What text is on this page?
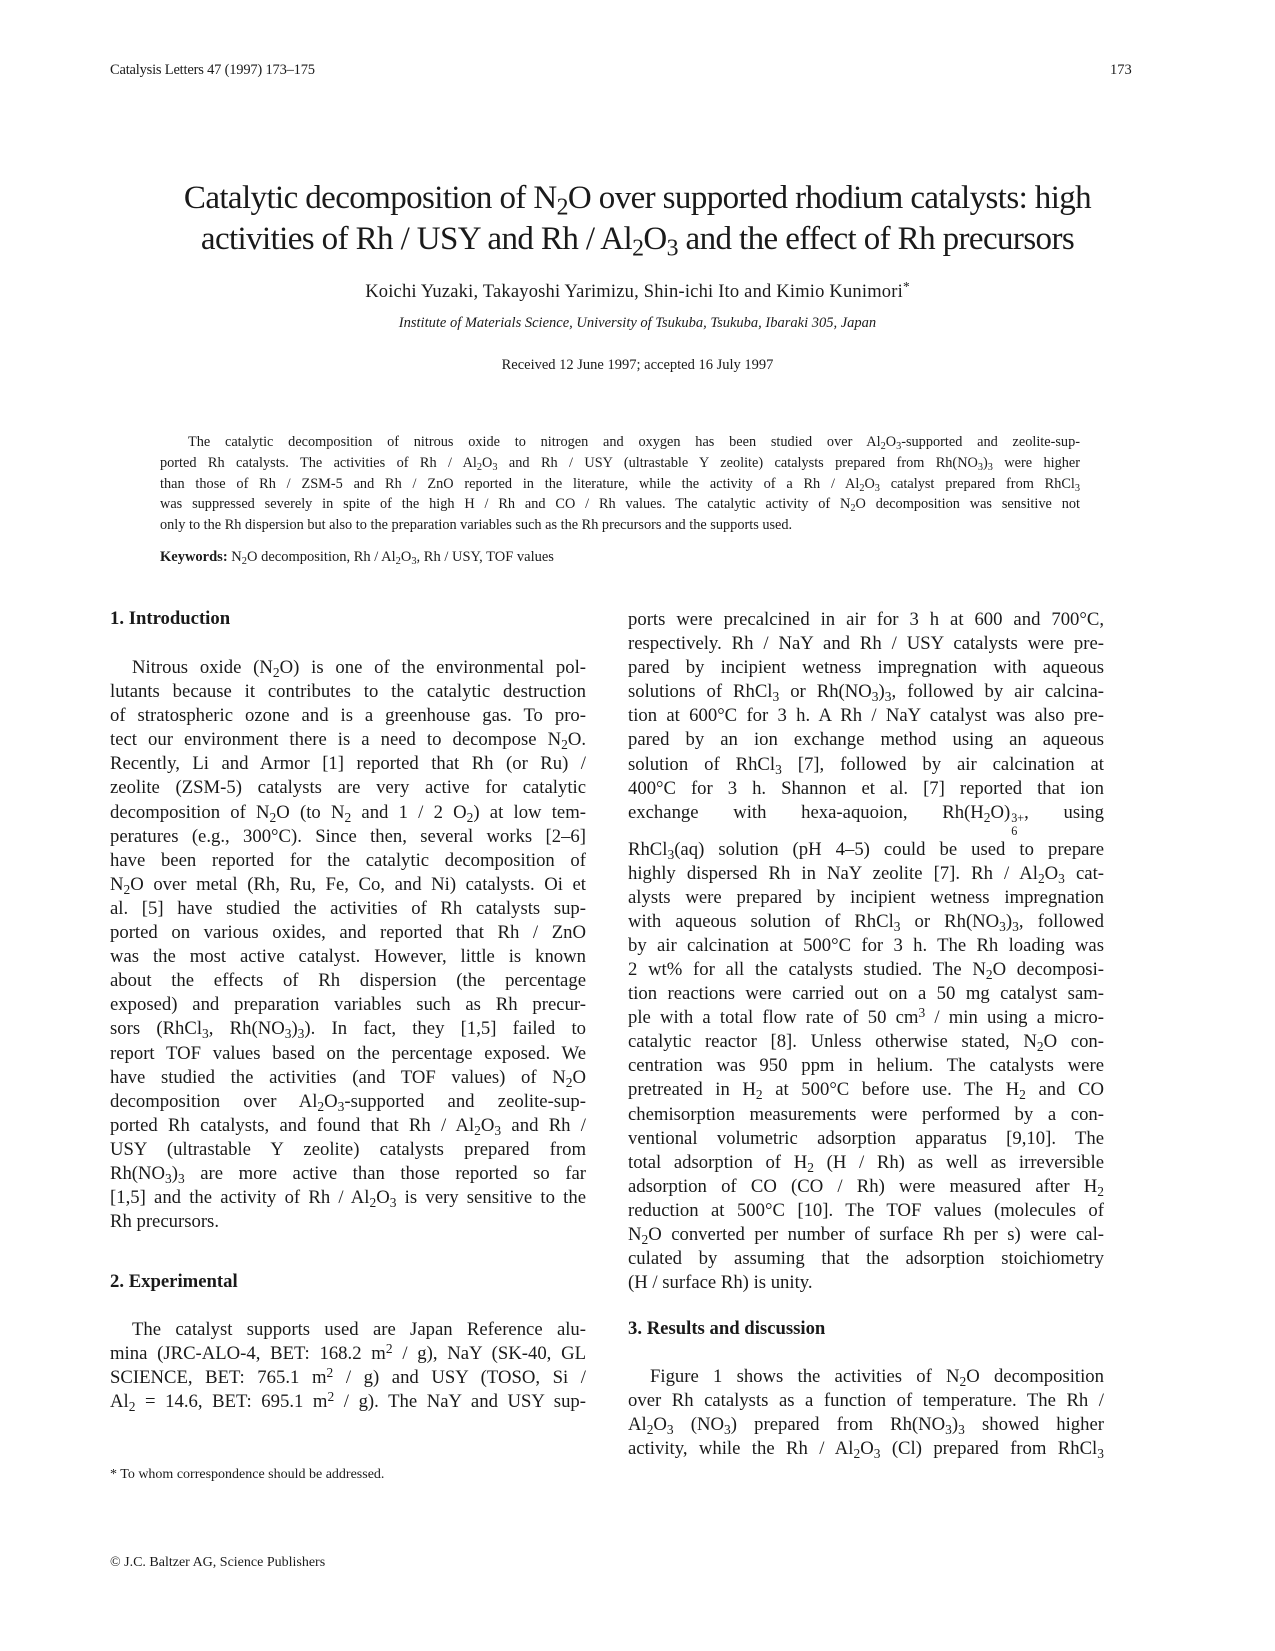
Catalysis Letters 47 (1997) 173–175	173
Catalytic decomposition of $N_2O$ over supported rhodium catalysts: high
activities of Rh / USY and Rh / $Al_2O_3$ and the effect of Rh precursors
Koichi Yuzaki, Takayoshi Yarimizu, Shin-ichi Ito and Kimio Kunimori*
Institute of Materials Science, University of Tsukuba, Tsukuba, Ibaraki 305, Japan
Received 12 June 1997; accepted 16 July 1997
The catalytic decomposition of nitrous oxide to nitrogen and oxygen has been studied over $Al_2O_3$-supported and zeolite-sup-
ported Rh catalysts. The activities of Rh / $Al_2O_3$ and Rh / USY (ultrastable Y zeolite) catalysts prepared from $Rh(NO_3)_3$ were higher
than those of Rh / ZSM-5 and Rh / ZnO reported in the literature, while the activity of a Rh / $Al_2O_3$ catalyst prepared from RhCl$_3$
was suppressed severely in spite of the high H / Rh and CO / Rh values. The catalytic activity of $N_2O$ decomposition was sensitive not
only to the Rh dispersion but also to the preparation variables such as the Rh precursors and the supports used.
Keywords: $N_2O$ decomposition, Rh / $Al_2O_3$, Rh / USY, TOF values
1. Introduction
Nitrous oxide $(N_2O)$ is one of the environmental pol-
lutants because it contributes to the catalytic destruction
of stratospheric ozone and is a greenhouse gas. To pro-
tect our environment there is a need to decompose $N_2O$.
Recently, Li and Armor [1] reported that Rh (or Ru) /
zeolite (ZSM-5) catalysts are very active for catalytic
decomposition of $N_2O$ (to $N_2$ and 1 / 2 $O_2$) at low tem-
peratures (e.g., 300°C). Since then, several works [2–6]
have been reported for the catalytic decomposition of
$N_2O$ over metal (Rh, Ru, Fe, Co, and Ni) catalysts. Oi et
al. [5] have studied the activities of Rh catalysts sup-
ported on various oxides, and reported that Rh / ZnO
was the most active catalyst. However, little is known
about the effects of Rh dispersion (the percentage
exposed) and preparation variables such as Rh precur-
sors (RhCl$_3$, $Rh(NO_3)_3$). In fact, they [1,5] failed to
report TOF values based on the percentage exposed. We
have studied the activities (and TOF values) of $N_2O$
decomposition over $Al_2O_3$-supported and zeolite-sup-
ported Rh catalysts, and found that Rh / $Al_2O_3$ and Rh /
USY (ultrastable Y zeolite) catalysts prepared from
$Rh(NO_3)_3$ are more active than those reported so far
[1,5] and the activity of Rh / $Al_2O_3$ is very sensitive to the
Rh precursors.
2. Experimental
The catalyst supports used are Japan Reference alu-
mina (JRC-ALO-4, BET: 168.2 $m^2 / g$), NaY (SK-40, GL
SCIENCE, BET: 765.1 $m^2 / g$) and USY (TOSO, Si /
$Al_2 = 14.6$, BET: 695.1 $m^2 / g$). The NaY and USY sup-
ports were precalcined in air for 3 h at 600 and 700°C,
respectively. Rh / NaY and Rh / USY catalysts were pre-
pared by incipient wetness impregnation with aqueous
solutions of RhCl$_3$ or $Rh(NO_3)_3$, followed by air calcina-
tion at 600°C for 3 h. A Rh / NaY catalyst was also pre-
pared by an ion exchange method using an aqueous
solution of RhCl$_3$ [7], followed by air calcination at
400°C for 3 h. Shannon et al. [7] reported that ion
exchange with hexa-aquoion, $Rh(H_2O)$ 3+
6
, using
RhCl$_3$(aq) solution (pH 4–5) could be used to prepare
highly dispersed Rh in NaY zeolite [7]. Rh / $Al_2O_3$ cat-
alysts were prepared by incipient wetness impregnation
with aqueous solution of RhCl$_3$ or $Rh(NO_3)_3$, followed
by air calcination at 500°C for 3 h. The Rh loading was
2 wt% for all the catalysts studied. The $N_2O$ decomposi-
tion reactions were carried out on a 50 mg catalyst sam-
ple with a total flow rate of 50 $cm^3$ / min using a micro-
catalytic reactor [8]. Unless otherwise stated, $N_2O$ con-
centration was 950 ppm in helium. The catalysts were
pretreated in $H_2$ at 500°C before use. The $H_2$ and CO
chemisorption measurements were performed by a con-
ventional volumetric adsorption apparatus [9,10]. The
total adsorption of $H_2$ (H / Rh) as well as irreversible
adsorption of CO (CO / Rh) were measured after $H_2$
reduction at 500°C [10]. The TOF values (molecules of
$N_2O$ converted per number of surface Rh per s) were cal-
culated by assuming that the adsorption stoichiometry
(H / surface Rh) is unity.
3. Results and discussion
Figure 1 shows the activities of $N_2O$ decomposition
over Rh catalysts as a function of temperature. The Rh /
$Al_2O_3$ $(NO_3)$ prepared from $Rh(NO_3)_3$ showed higher
activity, while the Rh / $Al_2O_3$ (Cl) prepared from RhCl$_3$
* To whom correspondence should be addressed.
© J.C. Baltzer AG, Science Publishers
